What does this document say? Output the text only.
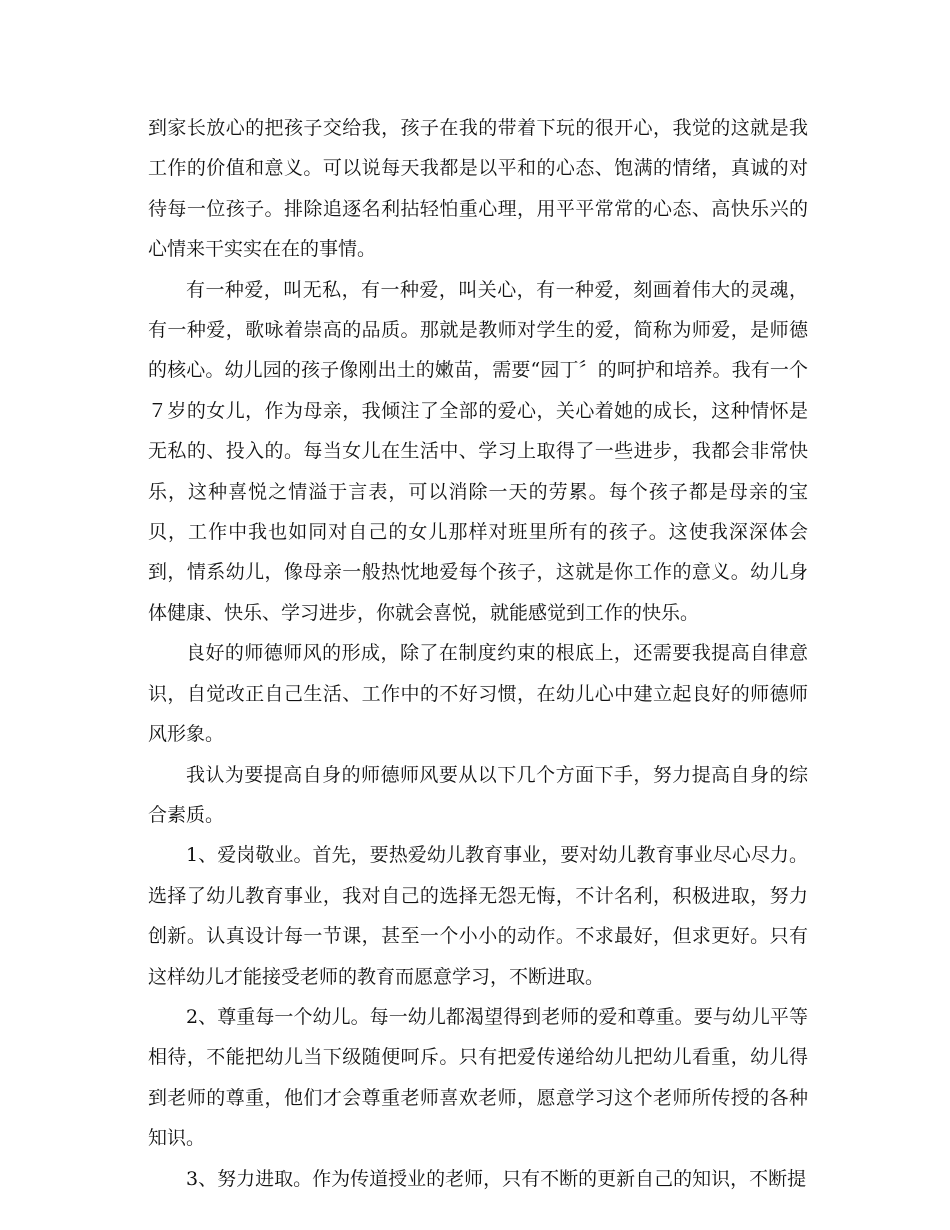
到家长放心的把孩子交给我，孩子在我的带着下玩的很开心，我觉的这就是我工作的价值和意义。可以说每天我都是以平和的心态、饱满的情绪，真诚的对待每一位孩子。排除追逐名利拈轻怕重心理，用平平常常的心态、高快乐兴的心情来干实实在在的事情。

有一种爱，叫无私，有一种爱，叫关心，有一种爱，刻画着伟大的灵魂，有一种爱，歌咏着崇高的品质。那就是教师对学生的爱，简称为师爱，是师德的核心。幼儿园的孩子像刚出土的嫩苗，需要“园丁〞的呵护和培养。我有一个７岁的女儿，作为母亲，我倾注了全部的爱心，关心着她的成长，这种情怀是无私的、投入的。每当女儿在生活中、学习上取得了一些进步，我都会非常快乐，这种喜悦之情溢于言表，可以消除一天的劳累。每个孩子都是母亲的宝贝，工作中我也如同对自己的女儿那样对班里所有的孩子。这使我深深体会到，情系幼儿，像母亲一般热忱地爱每个孩子，这就是你工作的意义。幼儿身体健康、快乐、学习进步，你就会喜悦，就能感觉到工作的快乐。

良好的师德师风的形成，除了在制度约束的根底上，还需要我提高自律意识，自觉改正自己生活、工作中的不好习惯，在幼儿心中建立起良好的师德师风形象。

我认为要提高自身的师德师风要从以下几个方面下手，努力提高自身的综合素质。

1、爱岗敬业。首先，要热爱幼儿教育事业，要对幼儿教育事业尽心尽力。选择了幼儿教育事业，我对自己的选择无怨无悔，不计名利，积极进取，努力创新。认真设计每一节课，甚至一个小小的动作。不求最好，但求更好。只有这样幼儿才能接受老师的教育而愿意学习，不断进取。

2、尊重每一个幼儿。每一幼儿都渴望得到老师的爱和尊重。要与幼儿平等相待，不能把幼儿当下级随便呵斥。只有把爱传递给幼儿把幼儿看重，幼儿得到老师的尊重，他们才会尊重老师喜欢老师，愿意学习这个老师所传授的各种知识。

3、努力进取。作为传道授业的老师，只有不断的更新自己的知识，不断提
